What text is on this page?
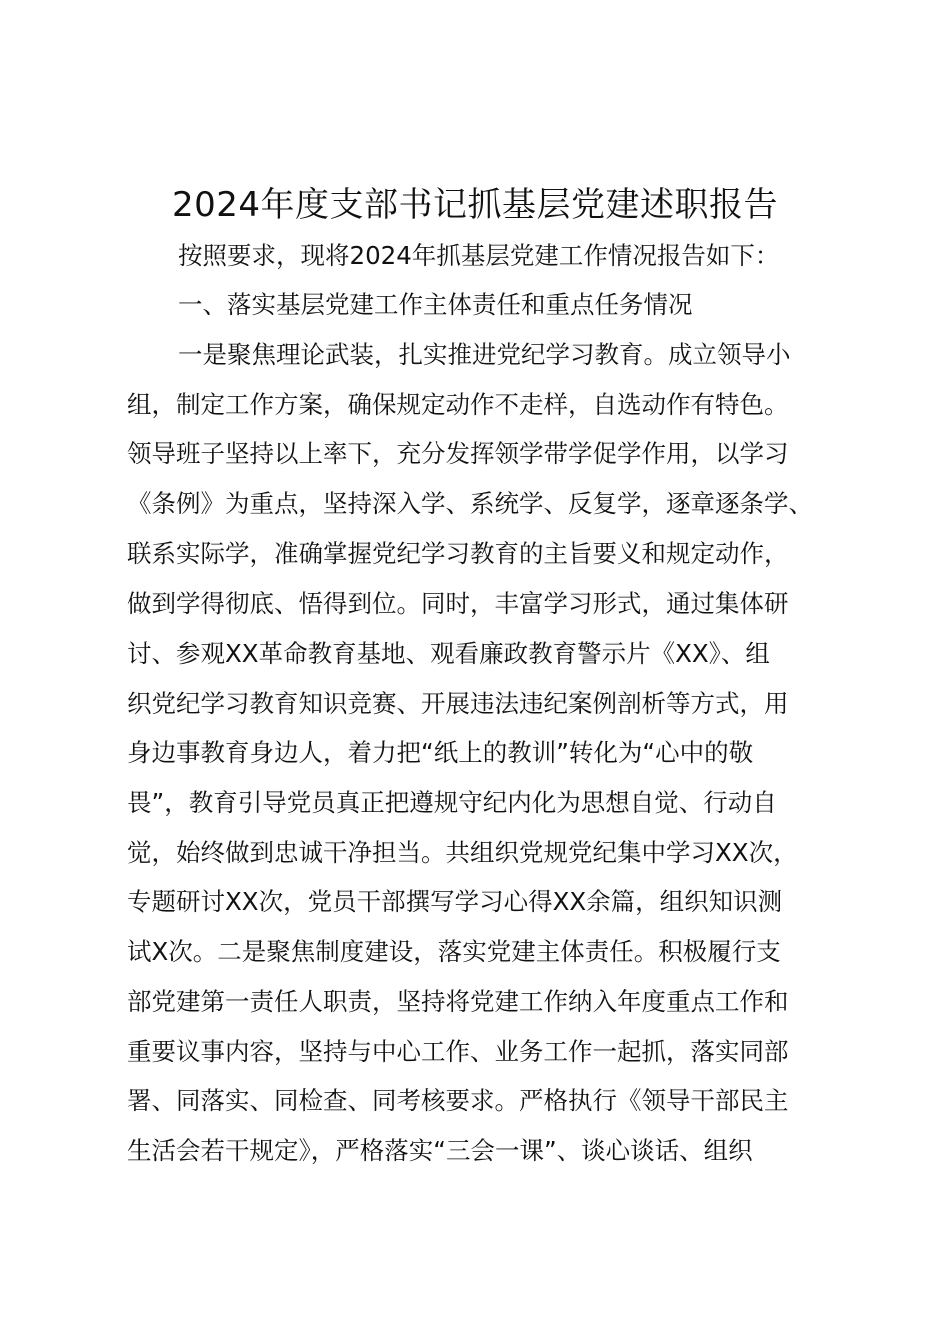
2024年度支部书记抓基层党建述职报告
按照要求，现将2024年抓基层党建工作情况报告如下：
一、落实基层党建工作主体责任和重点任务情况
一是聚焦理论武装，扎实推进党纪学习教育。成立领导小
组，制定工作方案，确保规定动作不走样，自选动作有特色。
领导班子坚持以上率下，充分发挥领学带学促学作用，以学习
《条例》为重点，坚持深入学、系统学、反复学，逐章逐条学、
联系实际学，准确掌握党纪学习教育的主旨要义和规定动作，
做到学得彻底、悟得到位。同时，丰富学习形式，通过集体研
讨、参观XX革命教育基地、观看廉政教育警示片《XX》、组
织党纪学习教育知识竞赛、开展违法违纪案例剖析等方式，用
身边事教育身边人，着力把“纸上的教训”转化为“心中的敬
畏”，教育引导党员真正把遵规守纪内化为思想自觉、行动自
觉，始终做到忠诚干净担当。共组织党规党纪集中学习XX次，
专题研讨XX次，党员干部撰写学习心得XX余篇，组织知识测
试X次。二是聚焦制度建设，落实党建主体责任。积极履行支
部党建第一责任人职责，坚持将党建工作纳入年度重点工作和
重要议事内容，坚持与中心工作、业务工作一起抓，落实同部
署、同落实、同检查、同考核要求。严格执行《领导干部民主
生活会若干规定》，严格落实“三会一课”、谈心谈话、组织
